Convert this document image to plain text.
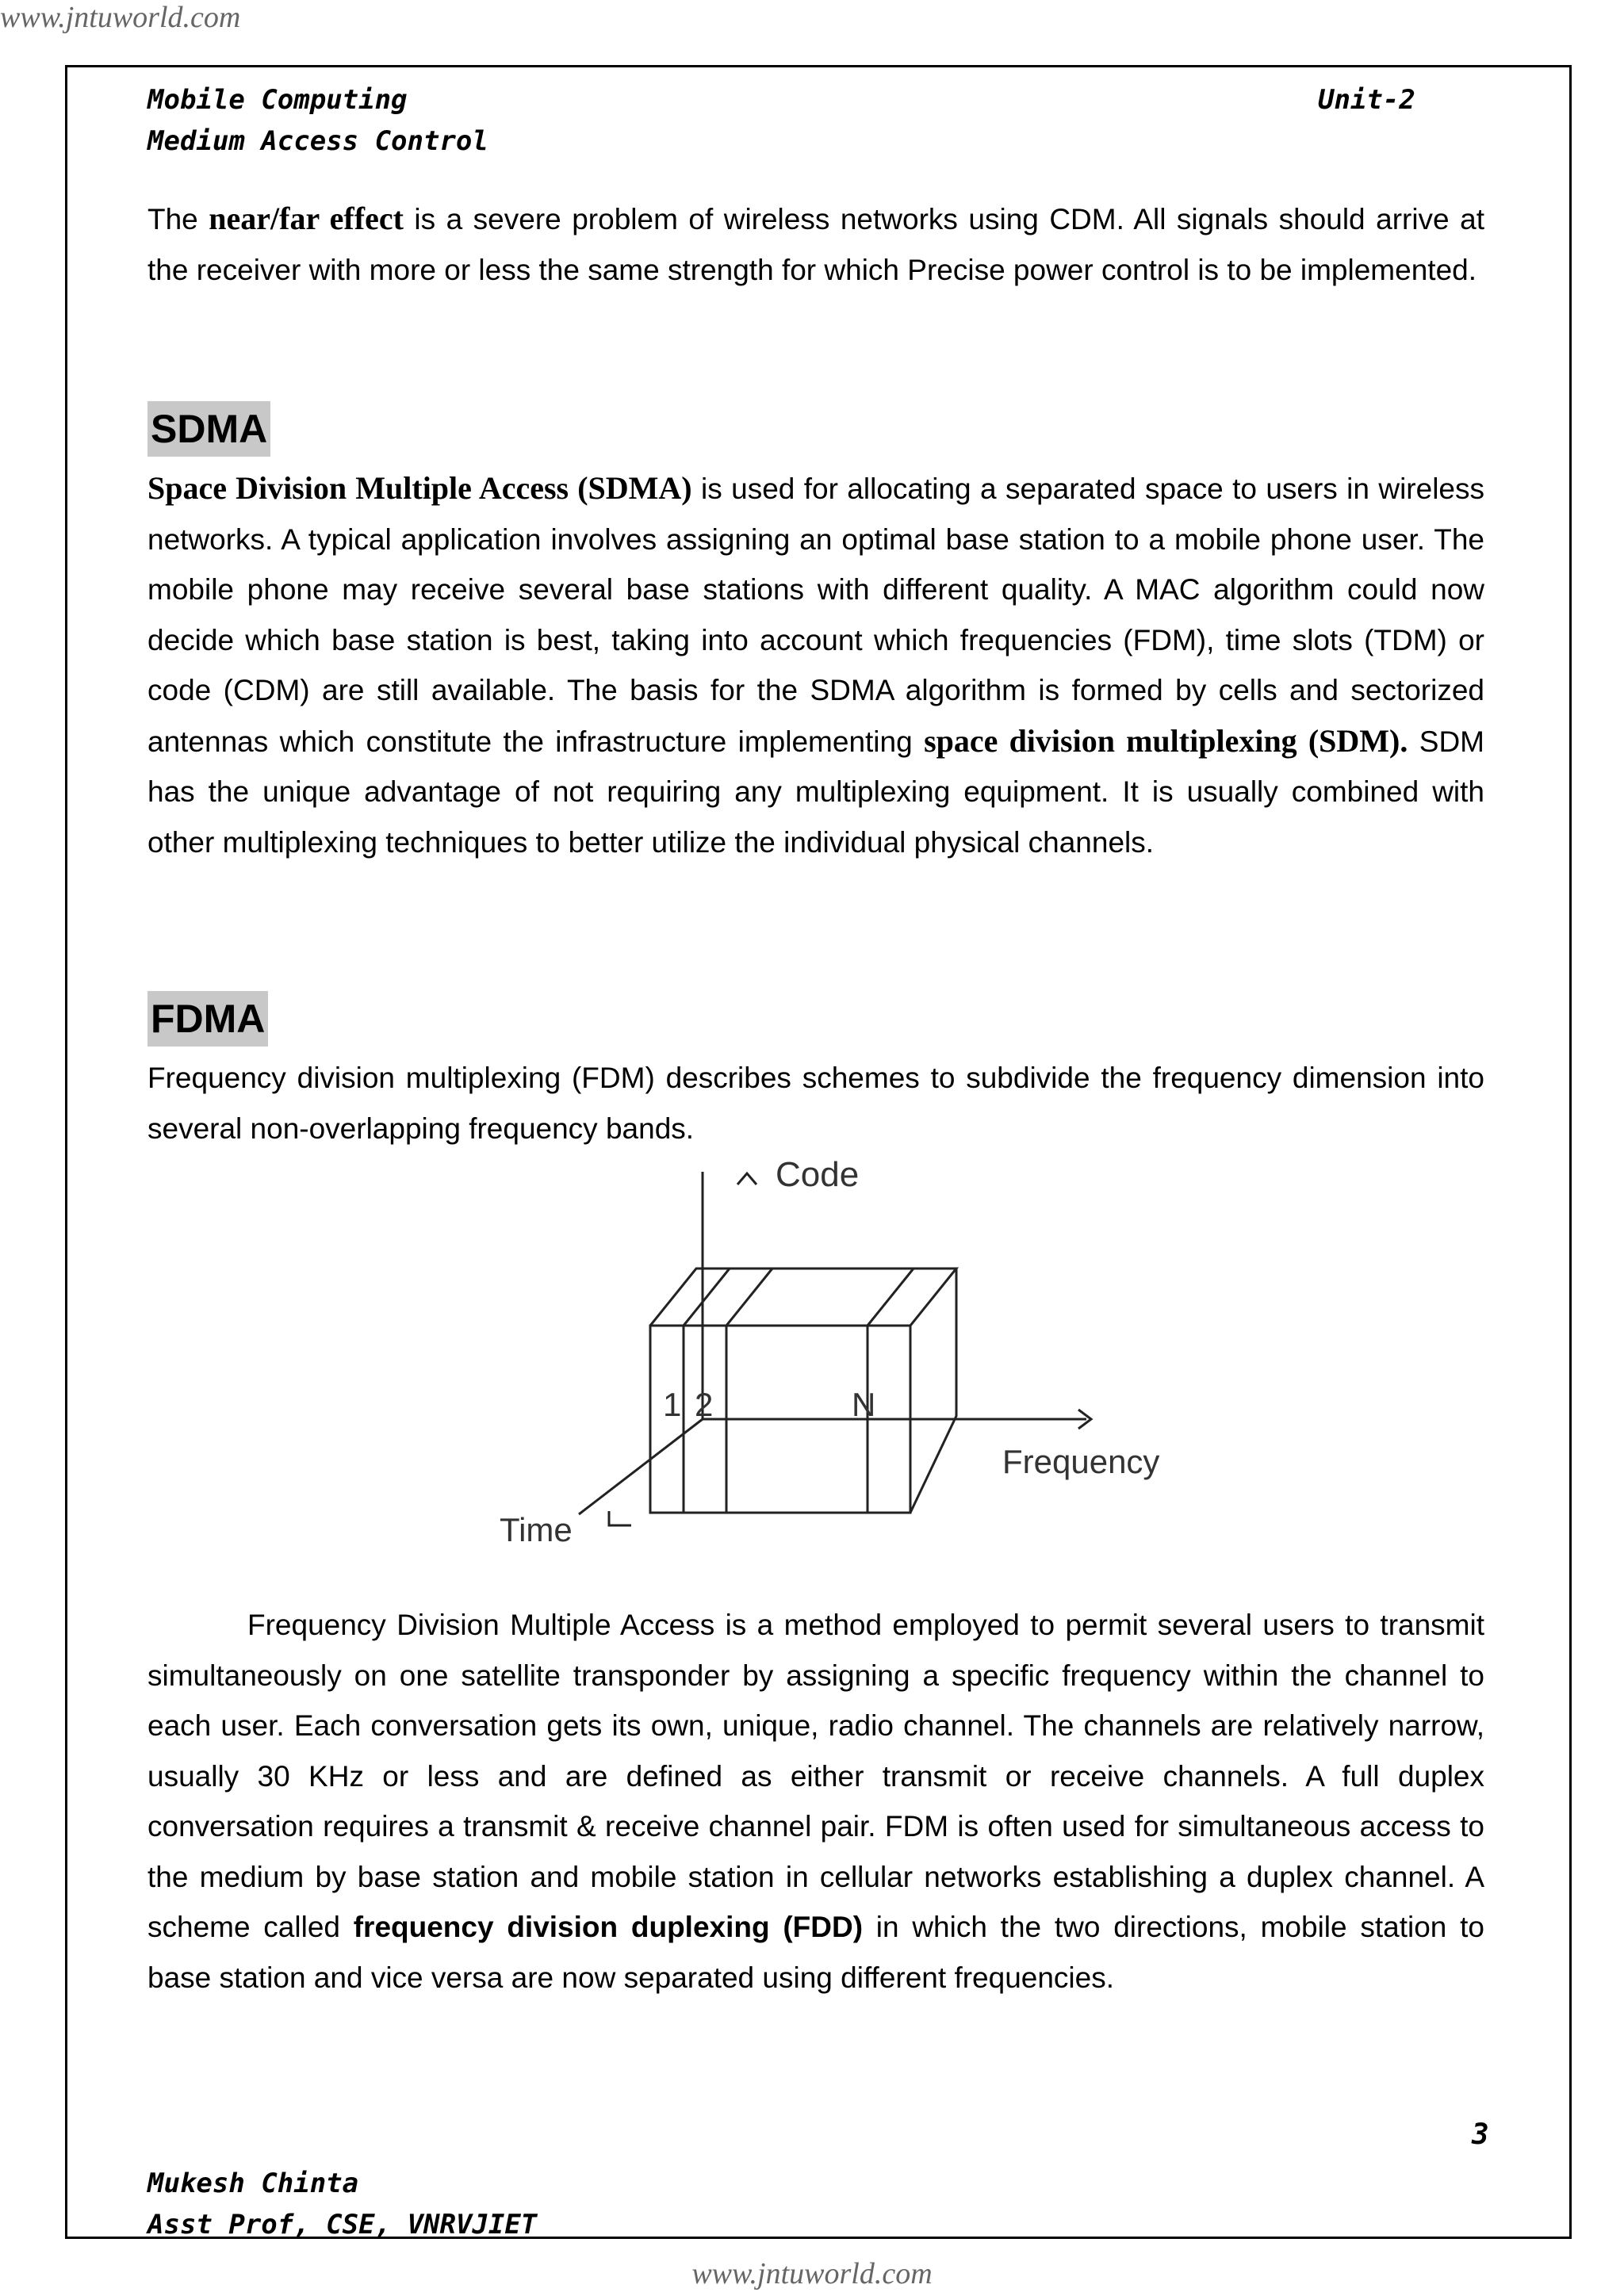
www.jntuworld.com
Mobile Computing
Medium Access Control
Unit-2
The near/far effect is a severe problem of wireless networks using CDM. All signals should arrive at the receiver with more or less the same strength for which Precise power control is to be implemented.
SDMA
Space Division Multiple Access (SDMA) is used for allocating a separated space to users in wireless networks. A typical application involves assigning an optimal base station to a mobile phone user. The mobile phone may receive several base stations with different quality. A MAC algorithm could now decide which base station is best, taking into account which frequencies (FDM), time slots (TDM) or code (CDM) are still available. The basis for the SDMA algorithm is formed by cells and sectorized antennas which constitute the infrastructure implementing space division multiplexing (SDM). SDM has the unique advantage of not requiring any multiplexing equipment. It is usually combined with other multiplexing techniques to better utilize the individual physical channels.
FDMA
Frequency division multiplexing (FDM) describes schemes to subdivide the frequency dimension into several non-overlapping frequency bands.
Code
Frequency
Time
1 2	N
Frequency Division Multiple Access is a method employed to permit several users to transmit simultaneously on one satellite transponder by assigning a specific frequency within the channel to each user. Each conversation gets its own, unique, radio channel. The channels are relatively narrow, usually 30 KHz or less and are defined as either transmit or receive channels. A full duplex conversation requires a transmit & receive channel pair. FDM is often used for simultaneous access to the medium by base station and mobile station in cellular networks establishing a duplex channel. A scheme called frequency division duplexing (FDD) in which the two directions, mobile station to base station and vice versa are now separated using different frequencies.
3
Mukesh Chinta
Asst Prof, CSE, VNRVJIET
www.jntuworld.com
